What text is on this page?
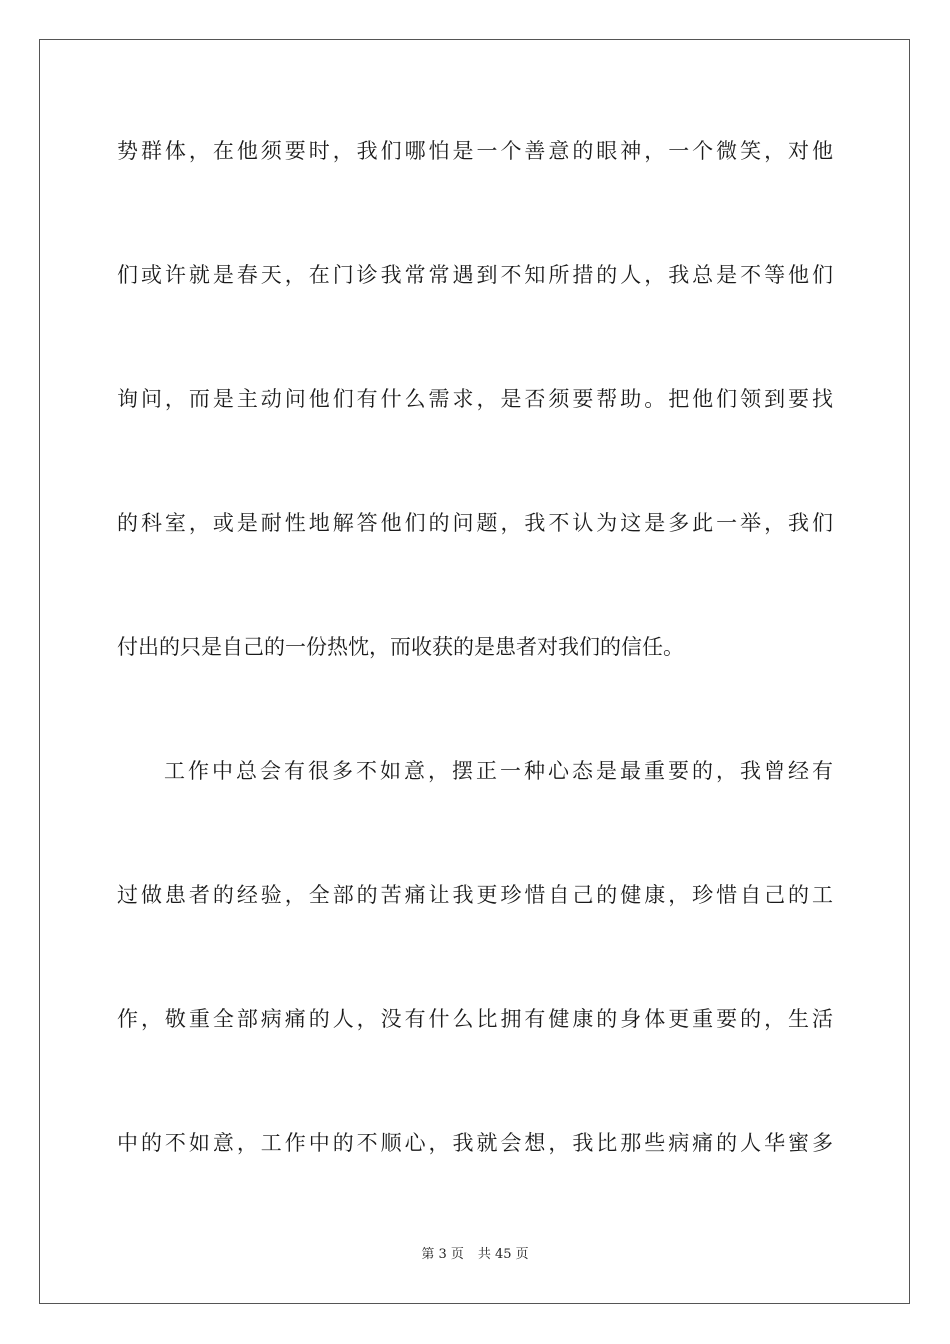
势群体，在他须要时，我们哪怕是一个善意的眼神，一个微笑，对他
们或许就是春天，在门诊我常常遇到不知所措的人，我总是不等他们
询问，而是主动问他们有什么需求，是否须要帮助。把他们领到要找
的科室，或是耐性地解答他们的问题，我不认为这是多此一举，我们
付出的只是自己的一份热忱，而收获的是患者对我们的信任。
工作中总会有很多不如意，摆正一种心态是最重要的，我曾经有
过做患者的经验，全部的苦痛让我更珍惜自己的健康，珍惜自己的工
作，敬重全部病痛的人，没有什么比拥有健康的身体更重要的，生活
中的不如意，工作中的不顺心，我就会想，我比那些病痛的人华蜜多
第 3 页 共 45 页
